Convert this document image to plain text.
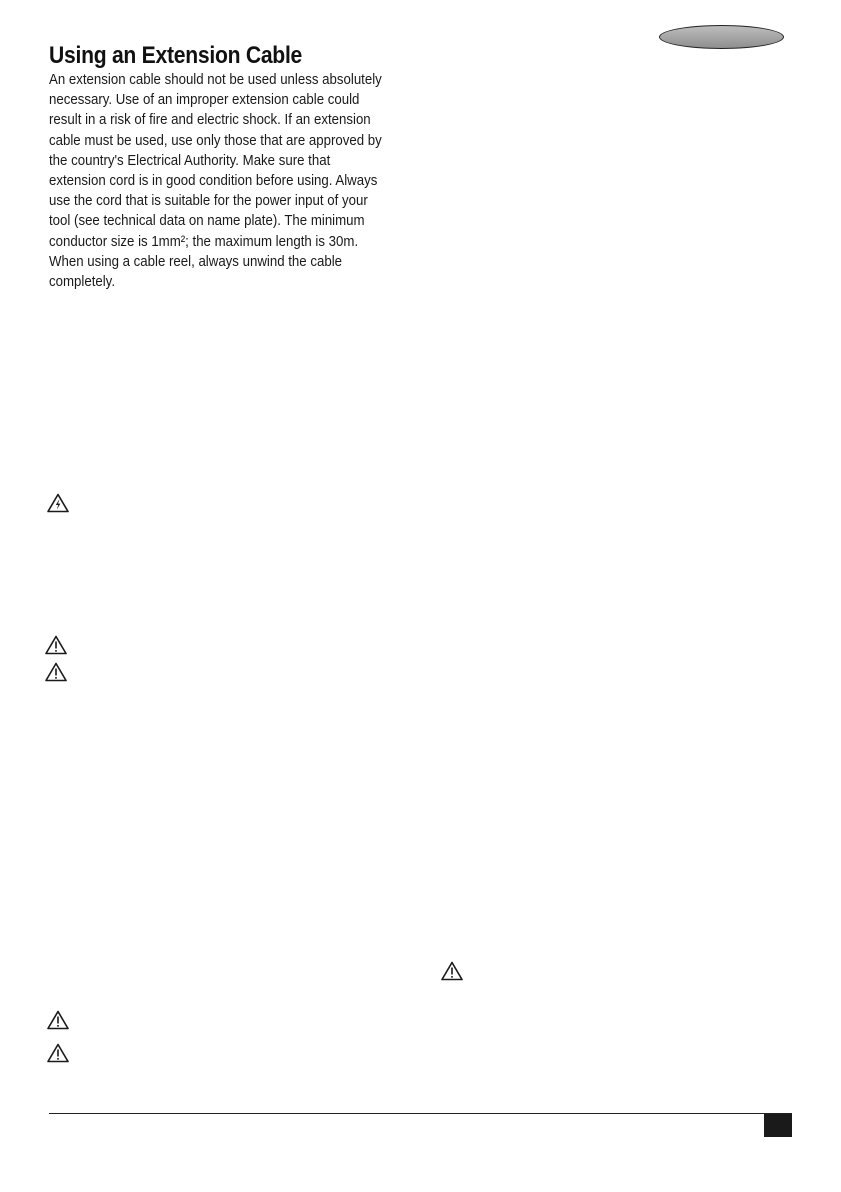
Using an Extension Cable
An extension cable should not be used unless absolutely
necessary. Use of an improper extension cable could
result in a risk of fire and electric shock. If an extension
cable must be used, use only those that are approved by
the country's Electrical Authority. Make sure that
extension cord is in good condition before using. Always
use the cord that is suitable for the power input of your
tool (see technical data on name plate). The minimum
conductor size is 1mm²; the maximum length is 30m.
When using a cable reel, always unwind the cable
completely.
